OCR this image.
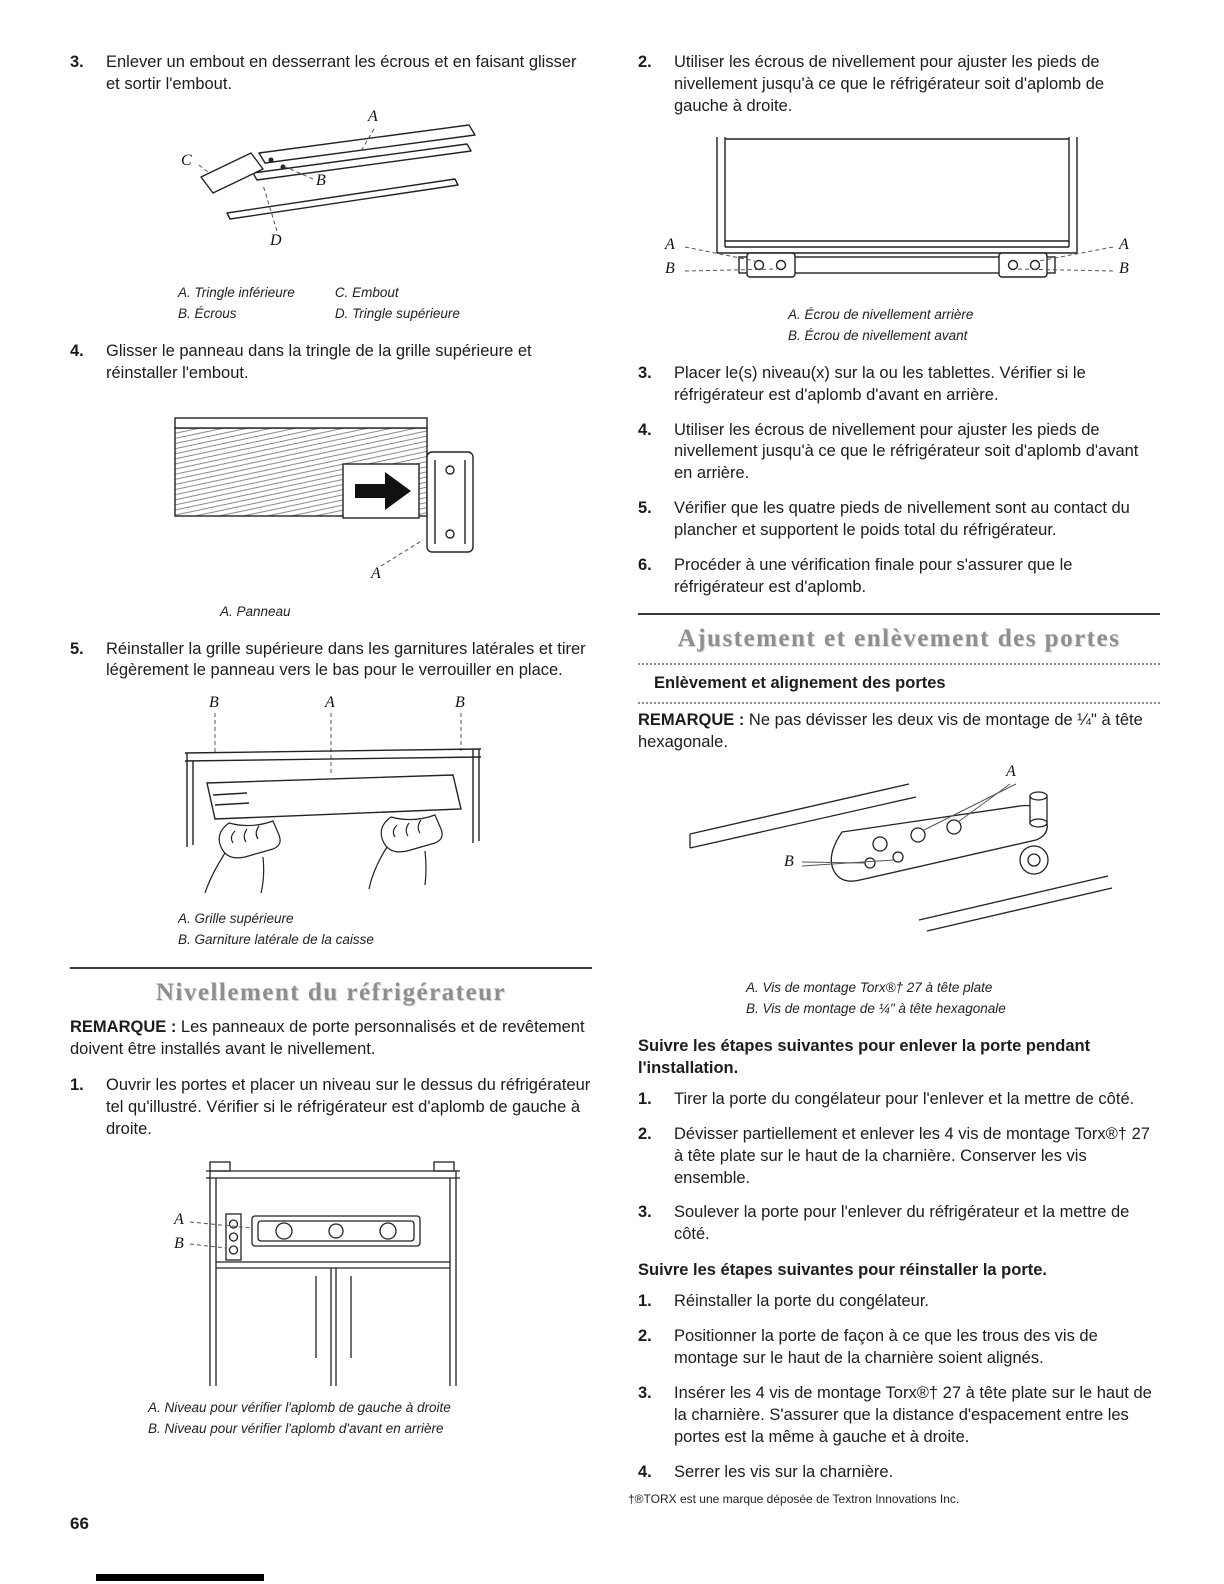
3.	Enlever un embout en desserrant les écrous et en faisant glisser et sortir l'embout.
A
B
C
D
A. Tringle inférieure
B. Écrous
C. Embout
D. Tringle supérieure
4.	Glisser le panneau dans la tringle de la grille supérieure et réinstaller l'embout.
A
A. Panneau
5.	Réinstaller la grille supérieure dans les garnitures latérales et tirer légèrement le panneau vers le bas pour le verrouiller en place.
B	A	B
A. Grille supérieure
B. Garniture latérale de la caisse
Nivellement du réfrigérateur

REMARQUE : Les panneaux de porte personnalisés et de revêtement doivent être installés avant le nivellement.

1.	Ouvrir les portes et placer un niveau sur le dessus du réfrigérateur tel qu'illustré. Vérifier si le réfrigérateur est d'aplomb de gauche à droite.
A
B
A. Niveau pour vérifier l'aplomb de gauche à droite
B. Niveau pour vérifier l'aplomb d'avant en arrière
2.	Utiliser les écrous de nivellement pour ajuster les pieds de nivellement jusqu'à ce que le réfrigérateur soit d'aplomb de gauche à droite.
A
B
A
B
A. Écrou de nivellement arrière
B. Écrou de nivellement avant
3.	Placer le(s) niveau(x) sur la ou les tablettes. Vérifier si le réfrigérateur est d'aplomb d'avant en arrière.
4.	Utiliser les écrous de nivellement pour ajuster les pieds de nivellement jusqu'à ce que le réfrigérateur soit d'aplomb d'avant en arrière.
5.	Vérifier que les quatre pieds de nivellement sont au contact du plancher et supportent le poids total du réfrigérateur.
6.	Procéder à une vérification finale pour s'assurer que le réfrigérateur est d'aplomb.
Ajustement et enlèvement des portes
Enlèvement et alignement des portes

REMARQUE : Ne pas dévisser les deux vis de montage de ¼" à tête hexagonale.

A
B
A. Vis de montage Torx®† 27 à tête plate
B. Vis de montage de ¼" à tête hexagonale
Suivre les étapes suivantes pour enlever la porte pendant l'installation.
1.	Tirer la porte du congélateur pour l'enlever et la mettre de côté.
2.	Dévisser partiellement et enlever les 4 vis de montage Torx®† 27 à tête plate sur le haut de la charnière. Conserver les vis ensemble.
3.	Soulever la porte pour l'enlever du réfrigérateur et la mettre de côté.
Suivre les étapes suivantes pour réinstaller la porte.
1.	Réinstaller la porte du congélateur.
2.	Positionner la porte de façon à ce que les trous des vis de montage sur le haut de la charnière soient alignés.
3.	Insérer les 4 vis de montage Torx®† 27 à tête plate sur le haut de la charnière. S'assurer que la distance d'espacement entre les portes est la même à gauche et à droite.
4.	Serrer les vis sur la charnière.
†®TORX est une marque déposée de Textron Innovations Inc.
66
